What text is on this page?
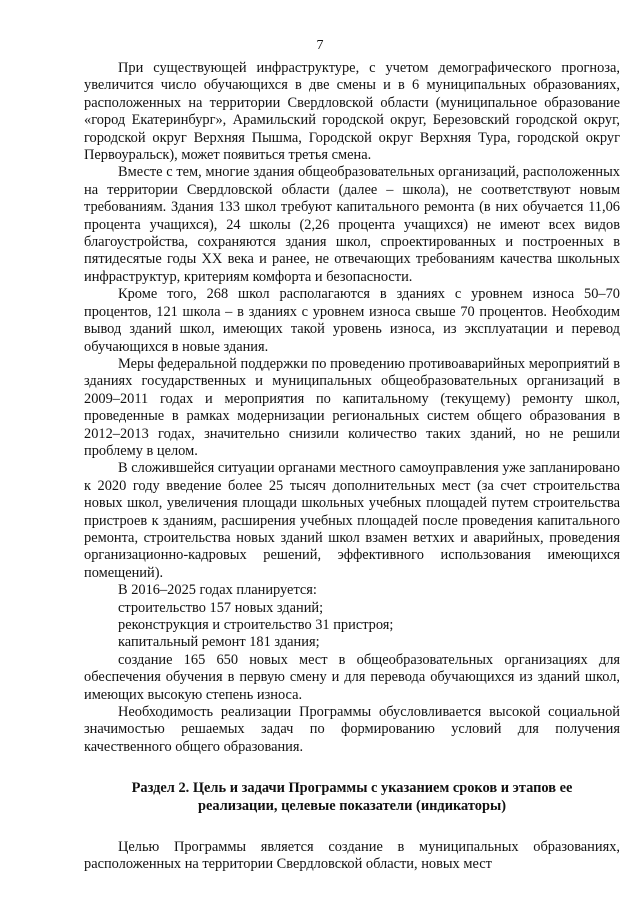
7

При существующей инфраструктуре, с учетом демографического прогноза, увеличится число обучающихся в две смены и в 6 муниципальных образованиях, расположенных на территории Свердловской области (муниципальное образование «город Екатеринбург», Арамильский городской округ, Березовский городской округ, городской округ Верхняя Пышма, Городской округ Верхняя Тура, городской округ Первоуральск), может появиться третья смена.

Вместе с тем, многие здания общеобразовательных организаций, расположенных на территории Свердловской области (далее – школа), не соответствуют новым требованиям. Здания 133 школ требуют капитального ремонта (в них обучается 11,06 процента учащихся), 24 школы (2,26 процента учащихся) не имеют всех видов благоустройства, сохраняются здания школ, спроектированных и построенных в пятидесятые годы XX века и ранее, не отвечающих требованиям качества школьных инфраструктур, критериям комфорта и безопасности.

Кроме того, 268 школ располагаются в зданиях с уровнем износа 50–70 процентов, 121 школа – в зданиях с уровнем износа свыше 70 процентов. Необходим вывод зданий школ, имеющих такой уровень износа, из эксплуатации и перевод обучающихся в новые здания.

Меры федеральной поддержки по проведению противоаварийных мероприятий в зданиях государственных и муниципальных общеобразовательных организаций в 2009–2011 годах и мероприятия по капитальному (текущему) ремонту школ, проведенные в рамках модернизации региональных систем общего образования в 2012–2013 годах, значительно снизили количество таких зданий, но не решили проблему в целом.

В сложившейся ситуации органами местного самоуправления уже запланировано к 2020 году введение более 25 тысяч дополнительных мест (за счет строительства новых школ, увеличения площади школьных учебных площадей путем строительства пристроев к зданиям, расширения учебных площадей после проведения капитального ремонта, строительства новых зданий школ взамен ветхих и аварийных, проведения организационно-кадровых решений, эффективного использования имеющихся помещений).

В 2016–2025 годах планируется:

строительство 157 новых зданий;

реконструкция и строительство 31 пристроя;

капитальный ремонт 181 здания;

создание 165 650 новых мест в общеобразовательных организациях для обеспечения обучения в первую смену и для перевода обучающихся из зданий школ, имеющих высокую степень износа.

Необходимость реализации Программы обусловливается высокой социальной значимостью решаемых задач по формированию условий для получения качественного общего образования.

Раздел 2. Цель и задачи Программы с указанием сроков и этапов ее реализации, целевые показатели (индикаторы)

Целью Программы является создание в муниципальных образованиях, расположенных на территории Свердловской области, новых мест
